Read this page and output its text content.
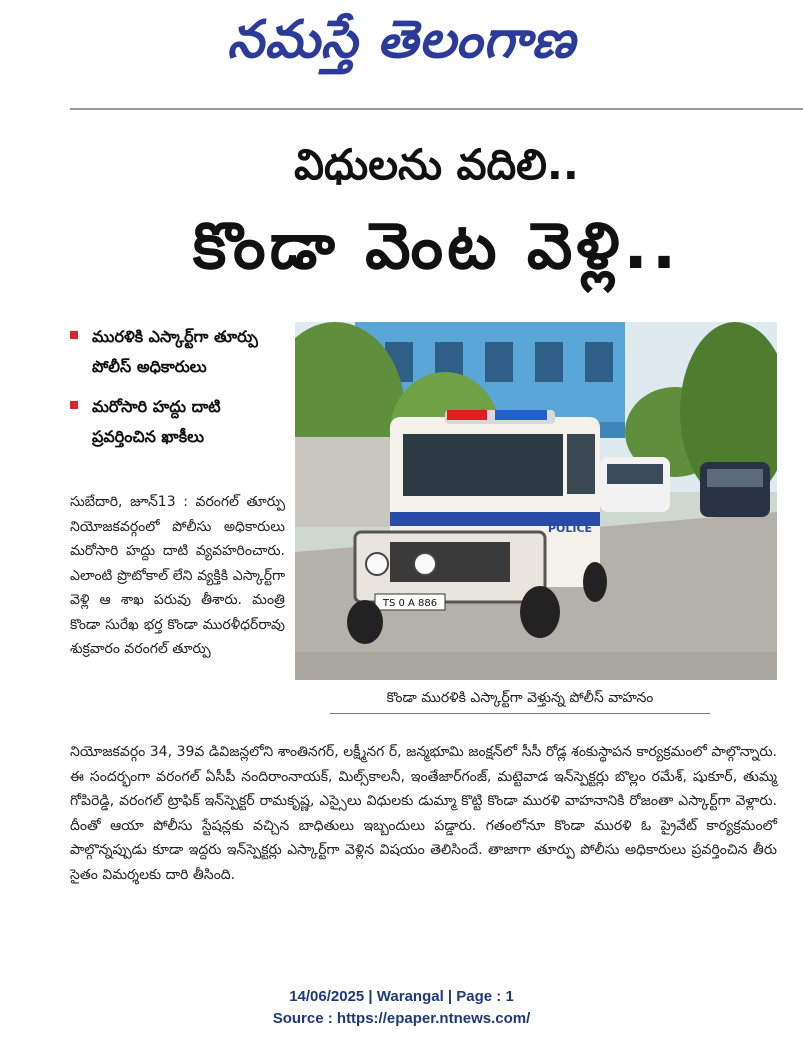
నమస్తే తెలంగాణ
విధులను వదిలి..
కొండా వెంట వెళ్లి..
మురళికి ఎస్కార్ట్‌గా తూర్పు పోలీస్ అధికారులు
మరోసారి హద్దు దాటి ప్రవర్తించిన ఖాకీలు
TS 0 A 886
POLICE
కొండా మురళికి ఎస్కార్ట్‌గా వెళ్తున్న పోలీస్ వాహనం
సుబేదారి, జూన్13 : వరంగల్ తూర్పు నియోజకవర్గంలో పోలీసు అధికారులు మరోసారి హద్దు దాటి వ్యవహరించారు. ఎలాంటి ప్రొటోకాల్ లేని వ్యక్తికి ఎస్కార్ట్‌గా వెళ్లి ఆ శాఖ పరువు తీశారు. మంత్రి కొండా సురేఖ భర్త కొండా మురళీధర్‌రావు శుక్రవారం వరంగల్ తూర్పు
నియోజకవర్గం 34, 39వ డివిజన్లలోని శాంతినగర్, లక్ష్మీనగ ర్, జన్మభూమి జంక్షన్‌లో సీసీ రోడ్ల శంకుస్థాపన కార్యక్రమంలో పాల్గొన్నారు. ఈ సందర్భంగా వరంగల్ ఏసీపీ నందిరాంనాయక్, మిల్స్‌కాలనీ, ఇంతేజార్‌గంజ్, మట్టెవాడ ఇన్‌స్పెక్టర్లు బొల్లం రమేశ్, షుకూర్, తుమ్మ గోపిరెడ్డి, వరంగల్ ట్రాఫిక్ ఇన్‌స్పెక్టర్ రామకృష్ణ, ఎస్సైలు విధులకు డుమ్మా కొట్టి కొండా మురళి వాహనానికి రోజంతా ఎస్కార్ట్‌గా వెళ్లారు. దీంతో ఆయా పోలీసు స్టేషన్లకు వచ్చిన బాధితులు ఇబ్బందులు పడ్డారు. గతంలోనూ కొండా మురళి ఓ ప్రైవేట్ కార్యక్రమంలో పాల్గొన్నప్పుడు కూడా ఇద్దరు ఇన్‌స్పెక్టర్లు ఎస్కార్ట్‌గా వెళ్లిన విషయం తెలిసిందే. తాజాగా తూర్పు పోలీసు అధికారులు ప్రవర్తించిన తీరు సైతం విమర్శలకు దారి తీసింది.
14/06/2025 | Warangal | Page : 1
Source : https://epaper.ntnews.com/
